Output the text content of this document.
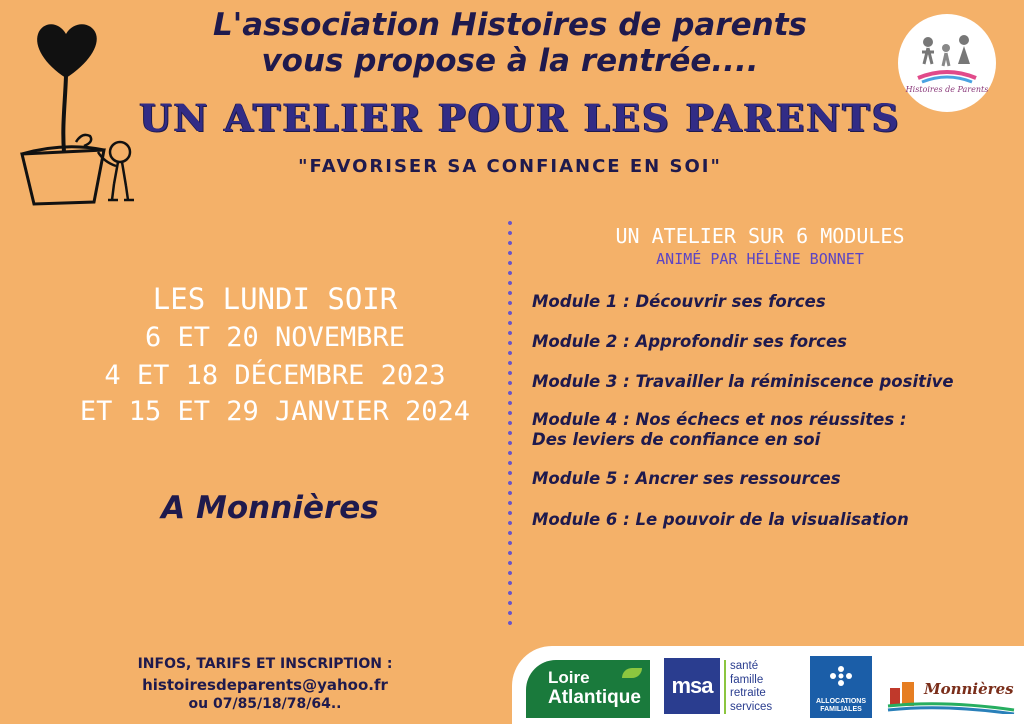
L'association Histoires de parents
vous propose à la rentrée....
UN ATELIER POUR LES PARENTS
"FAVORISER SA CONFIANCE EN SOI"
Histoires de Parents
LES LUNDI SOIR
6 ET 20 NOVEMBRE
4 ET 18 DÉCEMBRE 2023
ET 15 ET 29 JANVIER 2024
A Monnières
UN ATELIER SUR 6 MODULES
ANIMÉ PAR HÉLÈNE BONNET
Module 1 : Découvrir ses forces
Module 2 : Approfondir ses forces
Module 3 : Travailler la réminiscence positive
Module 4 : Nos échecs et nos réussites :
Des leviers de confiance en soi
Module 5 : Ancrer ses ressources
Module 6 : Le pouvoir de la visualisation
INFOS, TARIFS ET INSCRIPTION :
histoiresdeparents@yahoo.fr
ou 07/85/18/78/64..
Loire
Atlantique	msa
santé
famille
retraite
services	ALLOCATIONS FAMILIALES
Monnières
